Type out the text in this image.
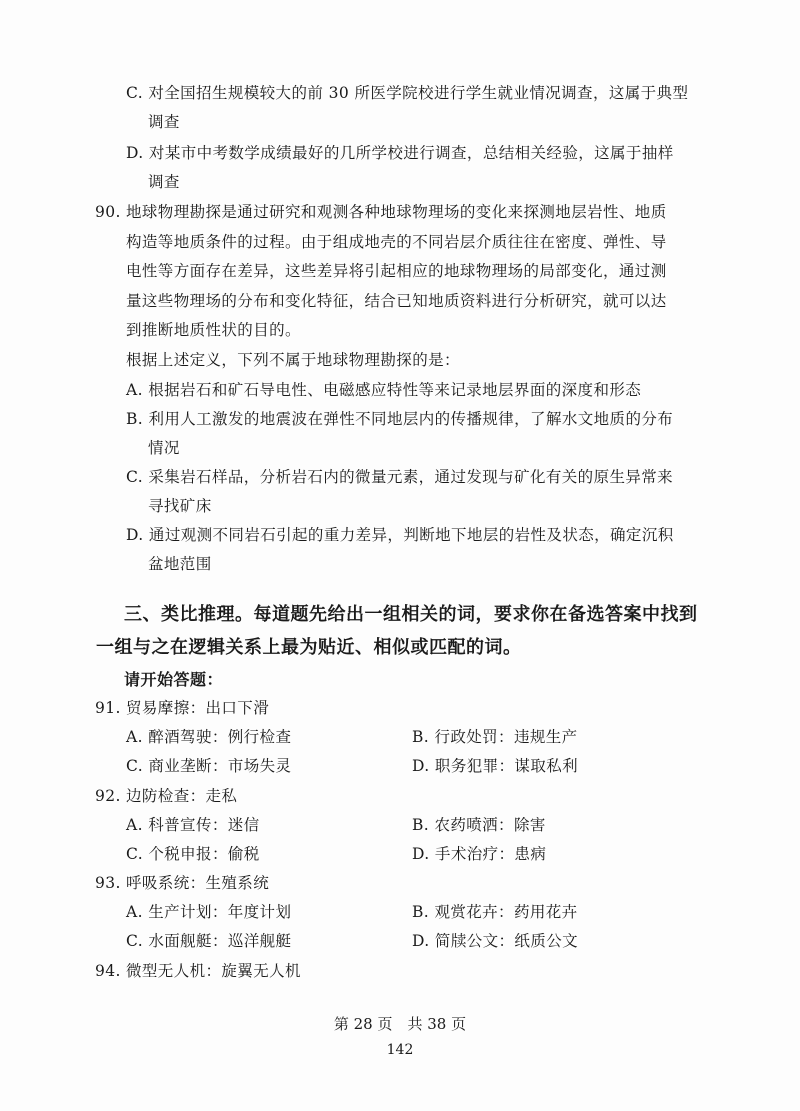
C. 对全国招生规模较大的前 30 所医学院校进行学生就业情况调查，这属于典型
调查
D. 对某市中考数学成绩最好的几所学校进行调查，总结相关经验，这属于抽样
调查
90. 地球物理勘探是通过研究和观测各种地球物理场的变化来探测地层岩性、地质
构造等地质条件的过程。由于组成地壳的不同岩层介质往往在密度、弹性、导
电性等方面存在差异，这些差异将引起相应的地球物理场的局部变化，通过测
量这些物理场的分布和变化特征，结合已知地质资料进行分析研究，就可以达
到推断地质性状的目的。
根据上述定义，下列不属于地球物理勘探的是：
A. 根据岩石和矿石导电性、电磁感应特性等来记录地层界面的深度和形态
B. 利用人工激发的地震波在弹性不同地层内的传播规律，了解水文地质的分布
情况
C. 采集岩石样品，分析岩石内的微量元素，通过发现与矿化有关的原生异常来
寻找矿床
D. 通过观测不同岩石引起的重力差异，判断地下地层的岩性及状态，确定沉积
盆地范围
三、类比推理。每道题先给出一组相关的词，要求你在备选答案中找到
一组与之在逻辑关系上最为贴近、相似或匹配的词。
请开始答题：
91. 贸易摩擦：出口下滑
A. 醉酒驾驶：例行检查	B. 行政处罚：违规生产
C. 商业垄断：市场失灵	D. 职务犯罪：谋取私利
92. 边防检查：走私
A. 科普宣传：迷信	B. 农药喷洒：除害
C. 个税申报：偷税	D. 手术治疗：患病
93. 呼吸系统：生殖系统
A. 生产计划：年度计划	B. 观赏花卉：药用花卉
C. 水面舰艇：巡洋舰艇	D. 简牍公文：纸质公文
94. 微型无人机：旋翼无人机
第 28 页　共 38 页
142
